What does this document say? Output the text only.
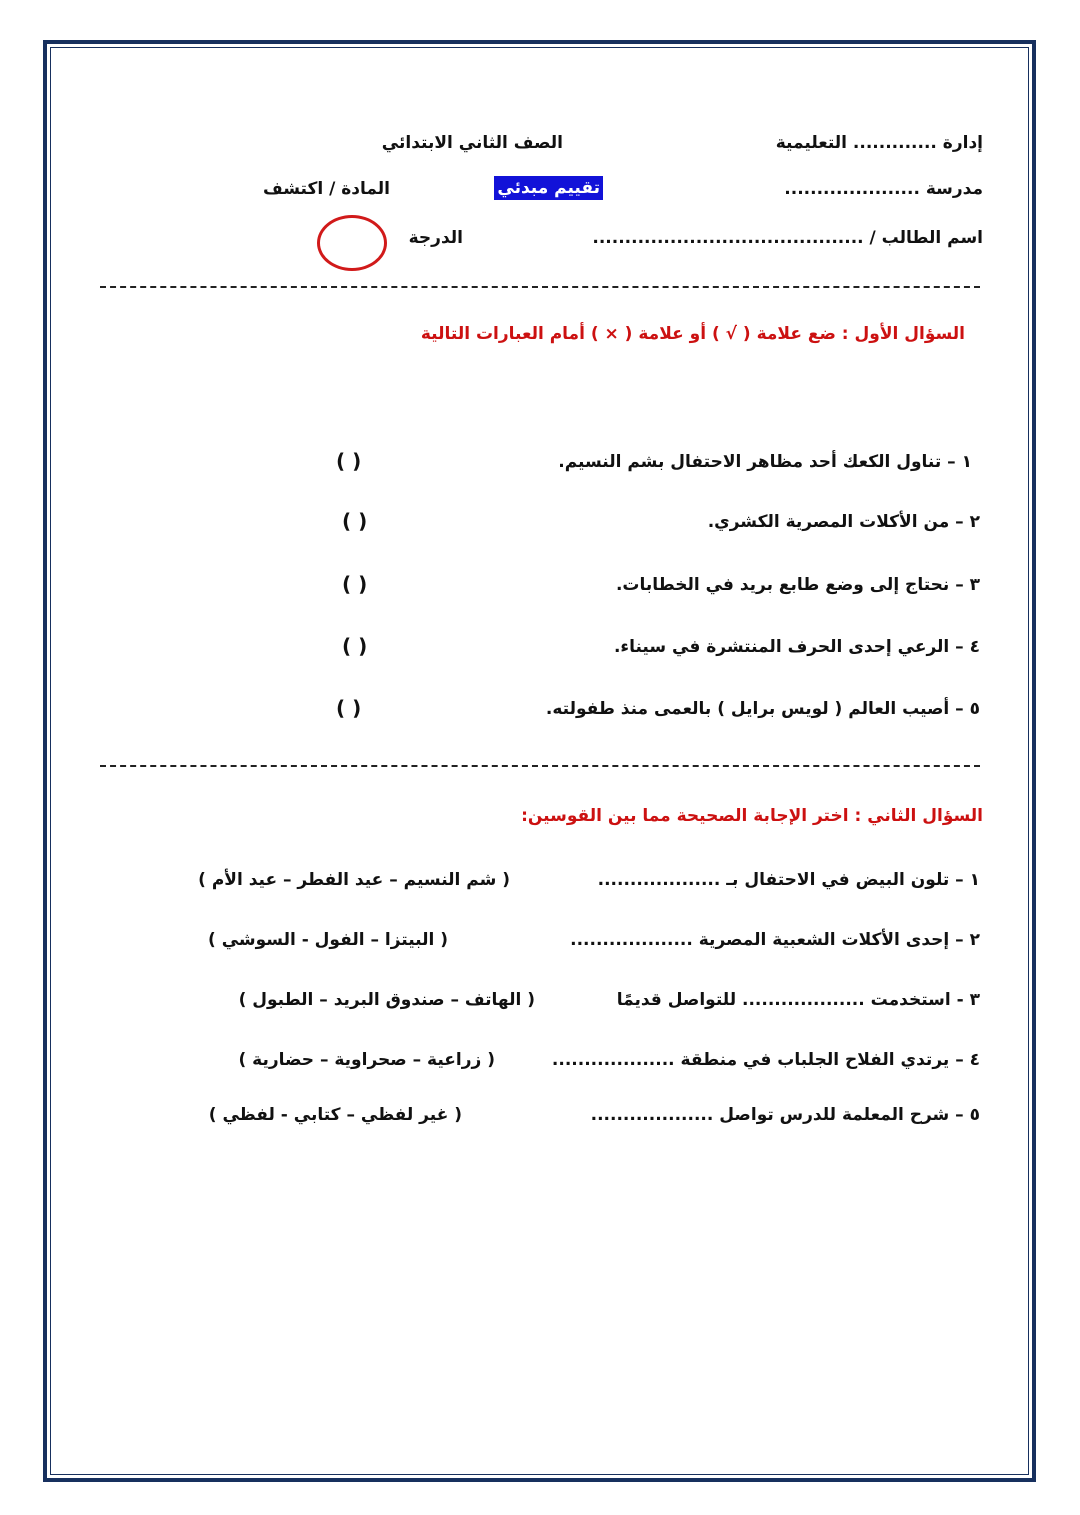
إدارة ............. التعليمية
الصف الثاني الابتدائي
مدرسة .....................
تقييم مبدئي
المادة / اكتشف
اسم الطالب / ..........................................
الدرجة
السؤال الأول : ضع علامة ( √ ) أو علامة ( × ) أمام العبارات التالية
١ – تناول الكعك أحد مظاهر الاحتفال بشم النسيم.
( )
٢ – من الأكلات المصرية الكشري.
( )
٣ – نحتاج إلى وضع طابع بريد في الخطابات.
( )
٤ – الرعي إحدى الحرف المنتشرة في سيناء.
( )
٥ – أصيب العالم ( لويس برايل ) بالعمى منذ طفولته.
( )
السؤال الثاني : اختر الإجابة الصحيحة مما بين القوسين:
١ – تلون البيض في الاحتفال بـ ...................
( شم النسيم – عيد الفطر – عيد الأم )
٢ – إحدى الأكلات الشعبية المصرية ...................
( البيتزا – الفول - السوشي )
٣ - استخدمت ................... للتواصل قديمًا
( الهاتف – صندوق البريد – الطبول )
٤ – يرتدي الفلاح الجلباب في منطقة ...................
( زراعية – صحراوية – حضارية )
٥ – شرح المعلمة للدرس تواصل ...................
( غير لفظي – كتابي - لفظي )
